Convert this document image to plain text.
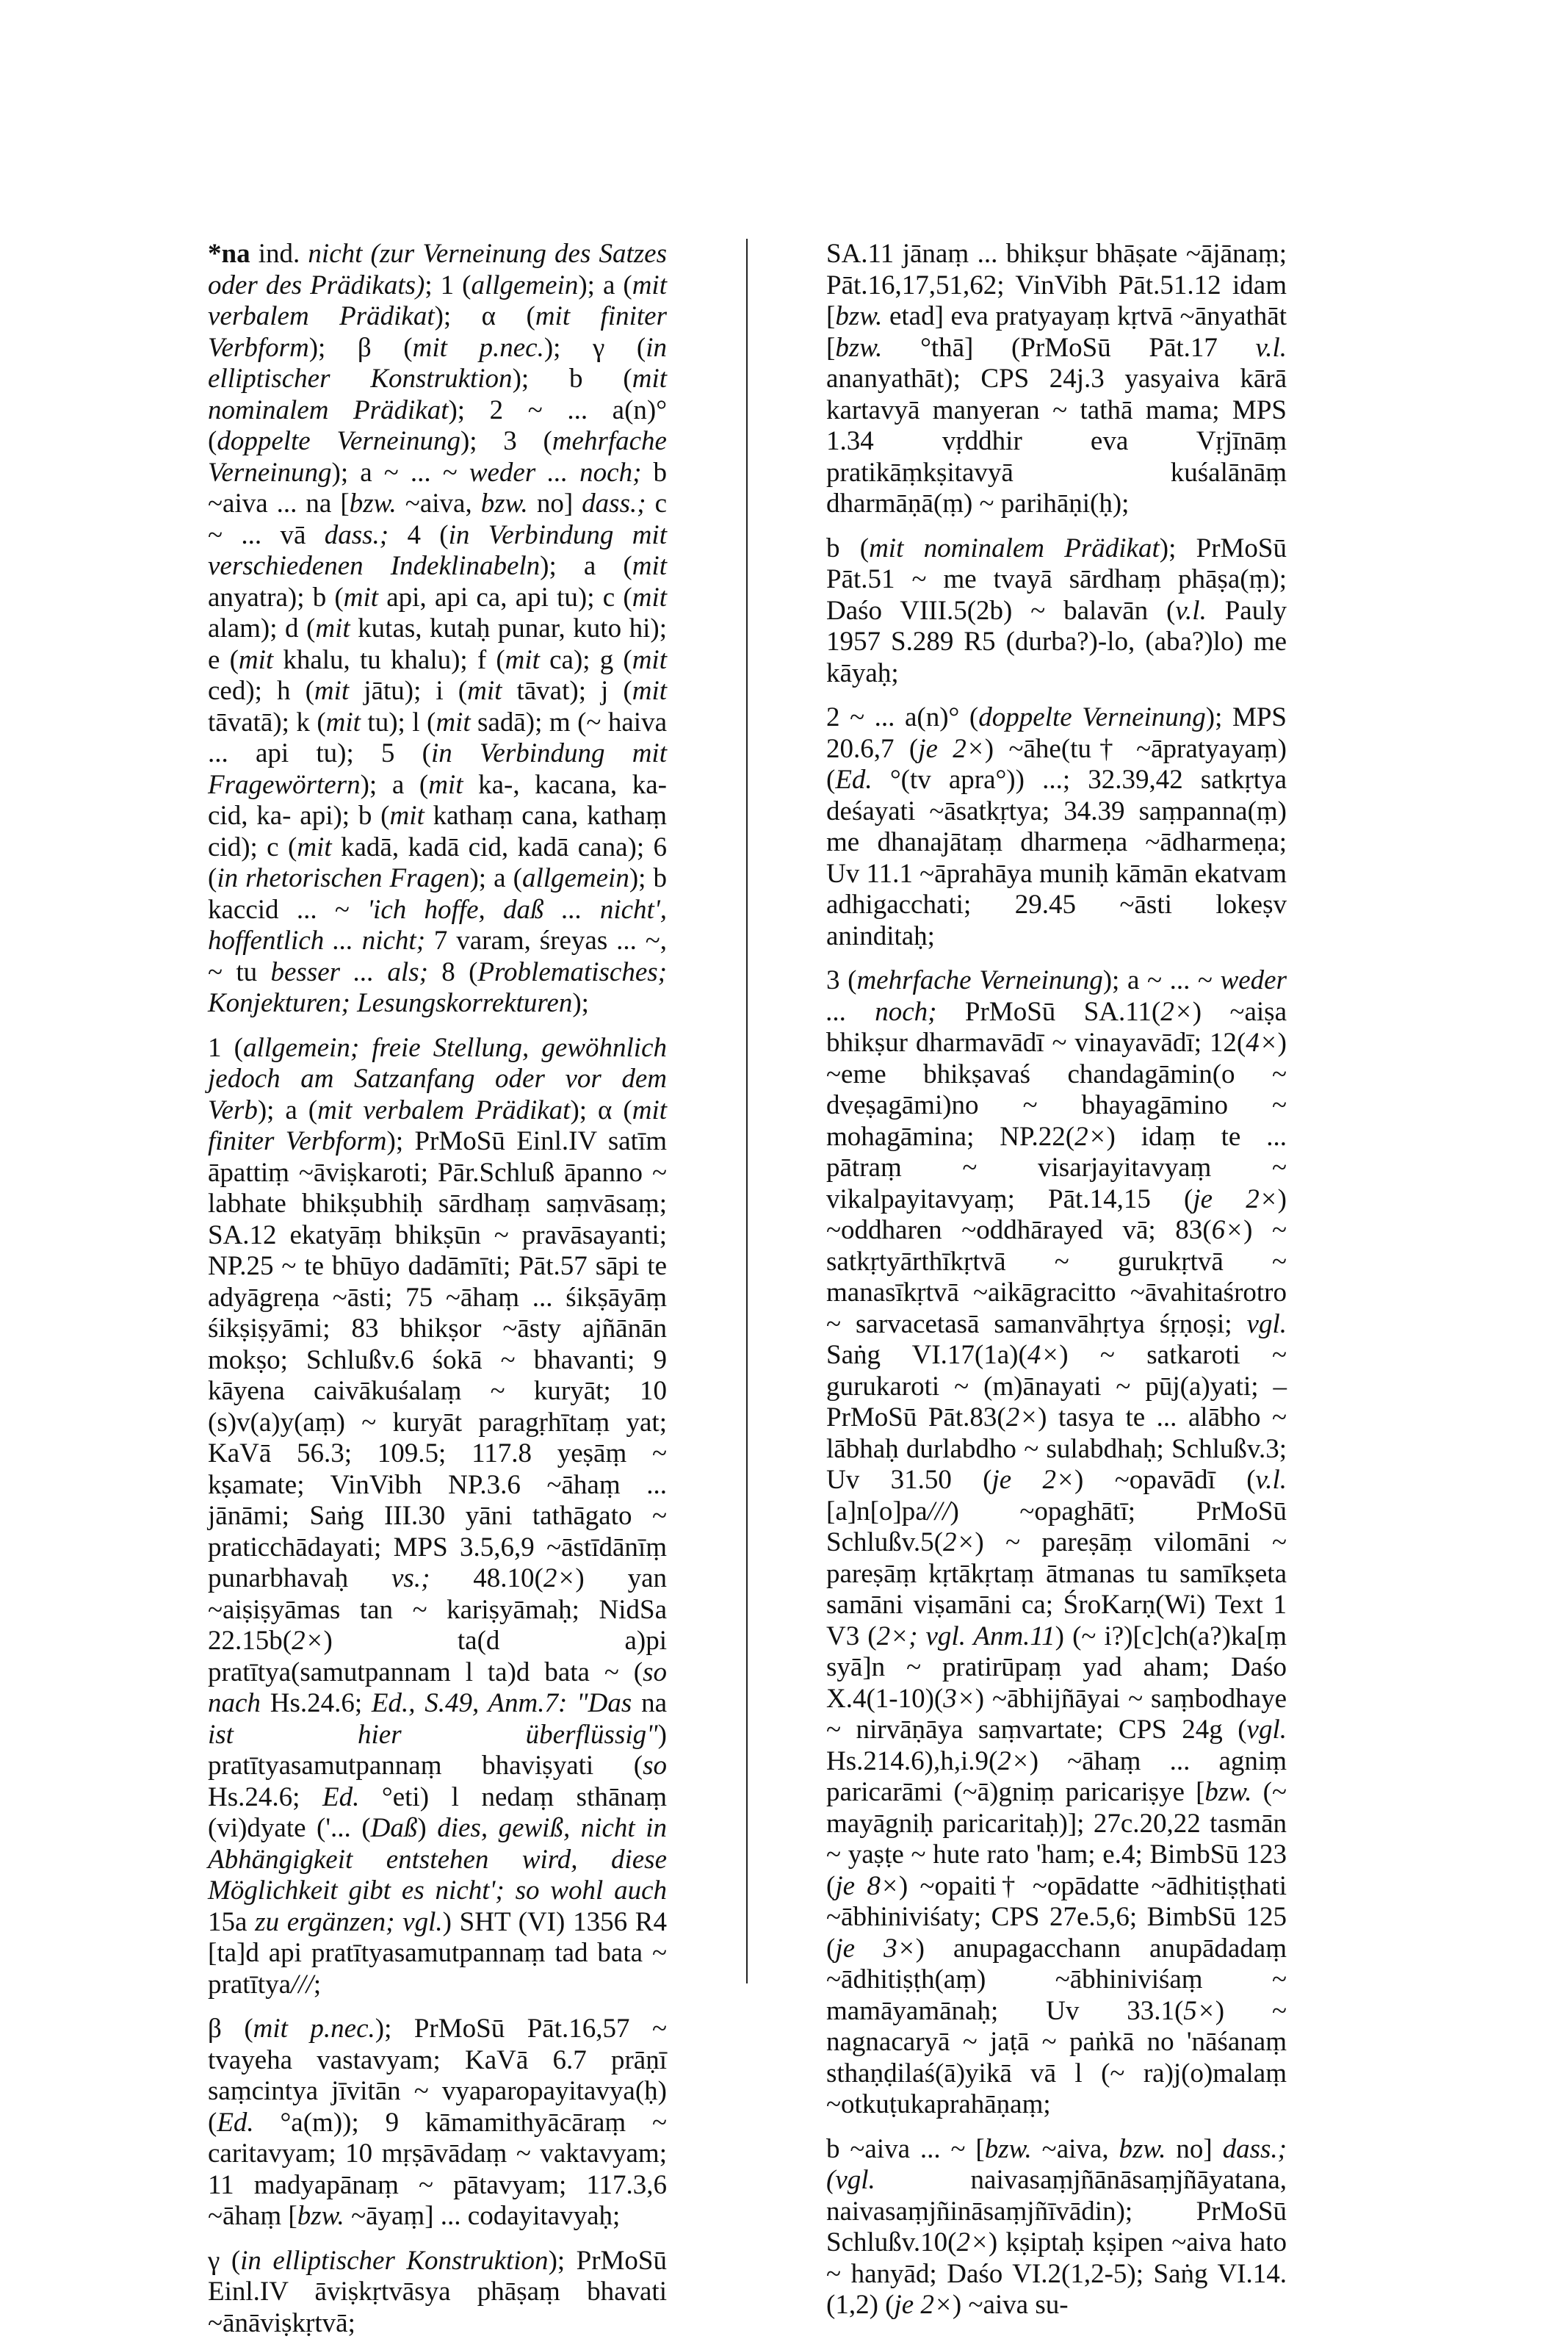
*na ind. nicht (zur Verneinung des Satzes oder des Prädikats); 1 (allgemein); a (mit verbalem Prädikat); α (mit finiter Verbform); β (mit p.nec.); γ (in elliptischer Konstruktion); b (mit nominalem Prädikat); 2 ~ ... a(n)° (doppelte Verneinung); 3 (mehrfache Verneinung); a ~ ... ~ weder ... noch; b ~aiva ... na [bzw. ~aiva, bzw. no] dass.; c ~ ... vā dass.; 4 (in Verbindung mit verschiedenen Indeklinabeln); a (mit anyatra); b (mit api, api ca, api tu); c (mit alam); d (mit kutas, kutaḥ punar, kuto hi); e (mit khalu, tu khalu); f (mit ca); g (mit ced); h (mit jātu); i (mit tāvat); j (mit tāvatā); k (mit tu); l (mit sadā); m (~ haiva ... api tu); 5 (in Verbindung mit Fragewörtern); a (mit ka-, kacana, ka- cid, ka- api); b (mit kathaṃ cana, kathaṃ cid); c (mit kadā, kadā cid, kadā cana); 6 (in rhetorischen Fragen); a (allgemein); b kaccid ... ~ 'ich hoffe, daß ... nicht', hoffentlich ... nicht; 7 varam, śreyas ... ~, ~ tu besser ... als; 8 (Problematisches; Konjekturen; Lesungskorrekturen);

1 (allgemein; freie Stellung, gewöhnlich jedoch am Satzanfang oder vor dem Verb); a (mit verbalem Prädikat); α (mit finiter Verbform); PrMoSū Einl.IV satīm āpattiṃ ~āviṣkaroti; Pār.Schluß āpanno ~ labhate bhikṣubhiḥ sārdhaṃ saṃvāsaṃ; SA.12 ekatyāṃ bhikṣūn ~ pravāsayanti; NP.25 ~ te bhūyo dadāmīti; Pāt.57 sāpi te adyāgreṇa ~āsti; 75 ~āhaṃ ... śikṣāyāṃ śikṣiṣyāmi; 83 bhikṣor ~āsty ajñānān mokṣo; Schlußv.6 śokā ~ bhavanti; 9 kāyena caivākuśalaṃ ~ kuryāt; 10 (s)v(a)y(aṃ) ~ kuryāt paragṛhītaṃ yat; KaVā 56.3; 109.5; 117.8 yeṣāṃ ~ kṣamate; VinVibh NP.3.6 ~āhaṃ ... jānāmi; Saṅg III.30 yāni tathāgato ~ praticchādayati; MPS 3.5,6,9 ~āstīdānīṃ punarbhavaḥ vs.; 48.10(2×) yan ~aiṣiṣyāmas tan ~ kariṣyāmaḥ; NidSa 22.15b(2×) ta(d a)pi pratītya(samutpannam l ta)d bata ~ (so nach Hs.24.6; Ed., S.49, Anm.7: "Das na ist hier überflüssig") pratītyasamutpannaṃ bhaviṣyati (so Hs.24.6; Ed. °eti) l nedaṃ sthānaṃ (vi)dyate ('... (Daß) dies, gewiß, nicht in Abhängigkeit entstehen wird, diese Möglichkeit gibt es nicht'; so wohl auch 15a zu ergänzen; vgl.) SHT (VI) 1356 R4 [ta]d api pratītyasamutpannaṃ tad bata ~ pratītya///;

β (mit p.nec.); PrMoSū Pāt.16,57 ~ tvayeha vastavyam; KaVā 6.7 prāṇī saṃcintya jīvitān ~ vyaparopayitavya(ḥ) (Ed. °a(m)); 9 kāmamithyācāraṃ ~ caritavyam; 10 mṛṣāvādaṃ ~ vaktavyam; 11 madyapānaṃ ~ pātavyam; 117.3,6 ~āhaṃ [bzw. ~āyaṃ] ... codayitavyaḥ;

γ (in elliptischer Konstruktion); PrMoSū Einl.IV āviṣkṛtvāsya phāṣaṃ bhavati ~ānāviṣkṛtvā;

SA.11 jānaṃ ... bhikṣur bhāṣate ~ājānaṃ; Pāt.16,17,51,62; VinVibh Pāt.51.12 idam [bzw. etad] eva pratyayaṃ kṛtvā ~ānyathāt [bzw. °thā] (PrMoSū Pāt.17 v.l. ananyathāt); CPS 24j.3 yasyaiva kārā kartavyā manyeran ~ tathā mama; MPS 1.34 vṛddhir eva Vṛjīnāṃ pratikāṃkṣitavyā kuśalānāṃ dharmāṇā(ṃ) ~ parihāṇi(ḥ);

b (mit nominalem Prädikat); PrMoSū Pāt.51 ~ me tvayā sārdhaṃ phāṣa(ṃ); Daśo VIII.5(2b) ~ balavān (v.l. Pauly 1957 S.289 R5 (durba?)-lo, (aba?)lo) me kāyaḥ;

2 ~ ... a(n)° (doppelte Verneinung); MPS 20.6,7 (je 2×) ~āhe(tu† ~āpratyayaṃ) (Ed. °(tv apra°)) ...; 32.39,42 satkṛtya deśayati ~āsatkṛtya; 34.39 saṃpanna(ṃ) me dhanajātaṃ dharmeṇa ~ādharmeṇa; Uv 11.1 ~āprahāya muniḥ kāmān ekatvam adhigacchati; 29.45 ~āsti lokeṣv aninditaḥ;

3 (mehrfache Verneinung); a ~ ... ~ weder ... noch; PrMoSū SA.11(2×) ~aiṣa bhikṣur dharmavādī ~ vinayavādī; 12(4×) ~eme bhikṣavaś chandagāmin(o ~ dveṣagāmi)no ~ bhayagāmino ~ mohagāmina; NP.22(2×) idaṃ te ... pātraṃ ~ visarjayitavyaṃ ~ vikalpayitavyaṃ; Pāt.14,15 (je 2×) ~oddharen ~oddhārayed vā; 83(6×) ~ satkṛtyārthīkṛtvā ~ gurukṛtvā ~ manasīkṛtvā ~aikāgracitto ~āvahitaśrotro ~ sarvacetasā samanvāhṛtya śṛṇoṣi; vgl. Saṅg VI.17(1a)(4×) ~ satkaroti ~ gurukaroti ~ (m)ānayati ~ pūj(a)yati; – PrMoSū Pāt.83(2×) tasya te ... alābho ~ lābhaḥ durlabdho ~ sulabdhaḥ; Schlußv.3; Uv 31.50 (je 2×) ~opavādī (v.l. [a]n[o]pa///) ~opaghātī; PrMoSū Schlußv.5(2×) ~ pareṣāṃ vilomāni ~ pareṣāṃ kṛtākṛtaṃ ātmanas tu samīkṣeta samāni viṣamāni ca; ŚroKarṇ(Wi) Text 1 V3 (2×; vgl. Anm.11) (~ i?)[c]ch(a?)ka[ṃ syā]n ~ pratirūpaṃ yad aham; Daśo X.4(1-10)(3×) ~ābhijñāyai ~ saṃbodhaye ~ nirvāṇāya saṃvartate; CPS 24g (vgl. Hs.214.6),h,i.9(2×) ~āhaṃ ... agniṃ paricarāmi (~ā)gniṃ paricariṣye [bzw. (~ mayāgniḥ paricaritaḥ)]; 27c.20,22 tasmān ~ yaṣṭe ~ hute rato 'ham; e.4; BimbSū 123 (je 8×) ~opaiti† ~opādatte ~ādhitiṣṭhati ~ābhiniviśaty; CPS 27e.5,6; BimbSū 125 (je 3×) anupagacchann anupādadaṃ ~ādhitiṣṭh(aṃ) ~ābhiniviśaṃ ~ mamāyamānaḥ; Uv 33.1(5×) ~ nagnacaryā ~ jaṭā ~ paṅkā no 'nāśanaṃ sthaṇḍilaś(ā)yikā vā l (~ ra)j(o)malaṃ ~otkuṭukaprahāṇaṃ;

b ~aiva ... ~ [bzw. ~aiva, bzw. no] dass.; (vgl. naivasaṃjñānāsaṃjñāyatana, naivasaṃjñināsaṃjñīvādin); PrMoSū Schlußv.10(2×) kṣiptaḥ kṣipen ~aiva hato ~ hanyād; Daśo VI.2(1,2-5); Saṅg VI.14.(1,2) (je 2×) ~aiva su-
